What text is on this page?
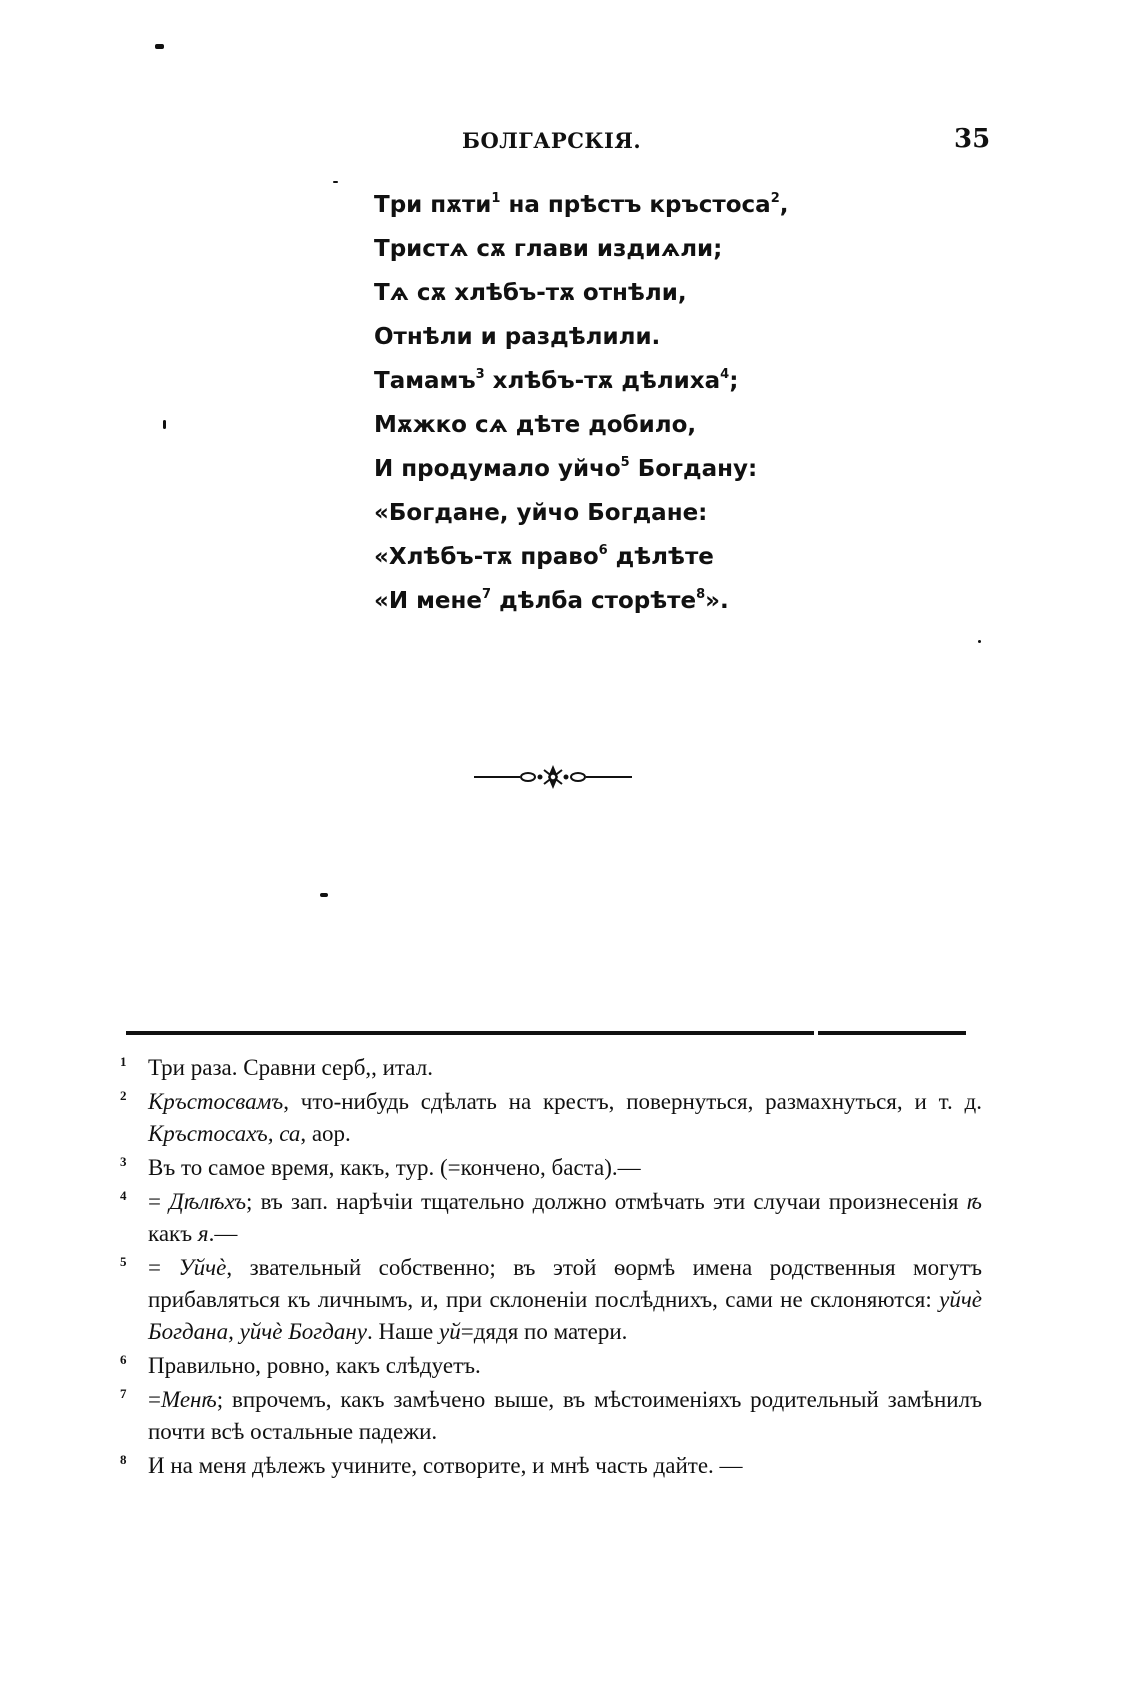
БОЛГАРСКІЯ.	35
Три пѫти$^1$ на прѣстъ кръстоса$^2$,
Тристѧ сѫ глави издиѧли;
Тѧ сѫ хлѣбъ-тѫ отнѣли,
Отнѣли и раздѣлили.
Тамамъ$^3$ хлѣбъ-тѫ дѣлиха$^4$;
Мѫжко сѧ дѣте добило,
И продумало уйчо$^5$ Богдану:
«Богдане, уйчо Богдане:
«Хлѣбъ-тѫ право$^6$ дѣлѣте
«И мене$^7$ дѣлба сторѣте$^8$».
1 Три раза. Сравни серб,, итал.
2 Кръстосвамъ, что-нибудь сдѣлать на крестъ, повернуться, размахнуться, и т. д. Кръстосахъ, са, аор.
3 Въ то самое время, какъ, тур. (=кончено, баста).—
4 = Дѣлѣхъ; въ зап. нарѣчіи тщательно должно отмѣчать эти случаи произнесенія ѣ какъ я.—
5 = Уйчѐ, звательный собственно; въ этой ѳормѣ имена родственныя могутъ прибавляться къ личнымъ, и, при склоненіи послѣднихъ, сами не склоняются: уйчѐ Богдана, уйчѐ Богдану. Наше уй=дядя по матери.
6 Правильно, ровно, какъ слѣдуетъ.
7 =Менѣ; впрочемъ, какъ замѣчено выше, въ мѣстоименіяхъ родительный замѣнилъ почти всѣ остальные падежи.
8 И на меня дѣлежъ учините, сотворите, и мнѣ часть дайте. —
